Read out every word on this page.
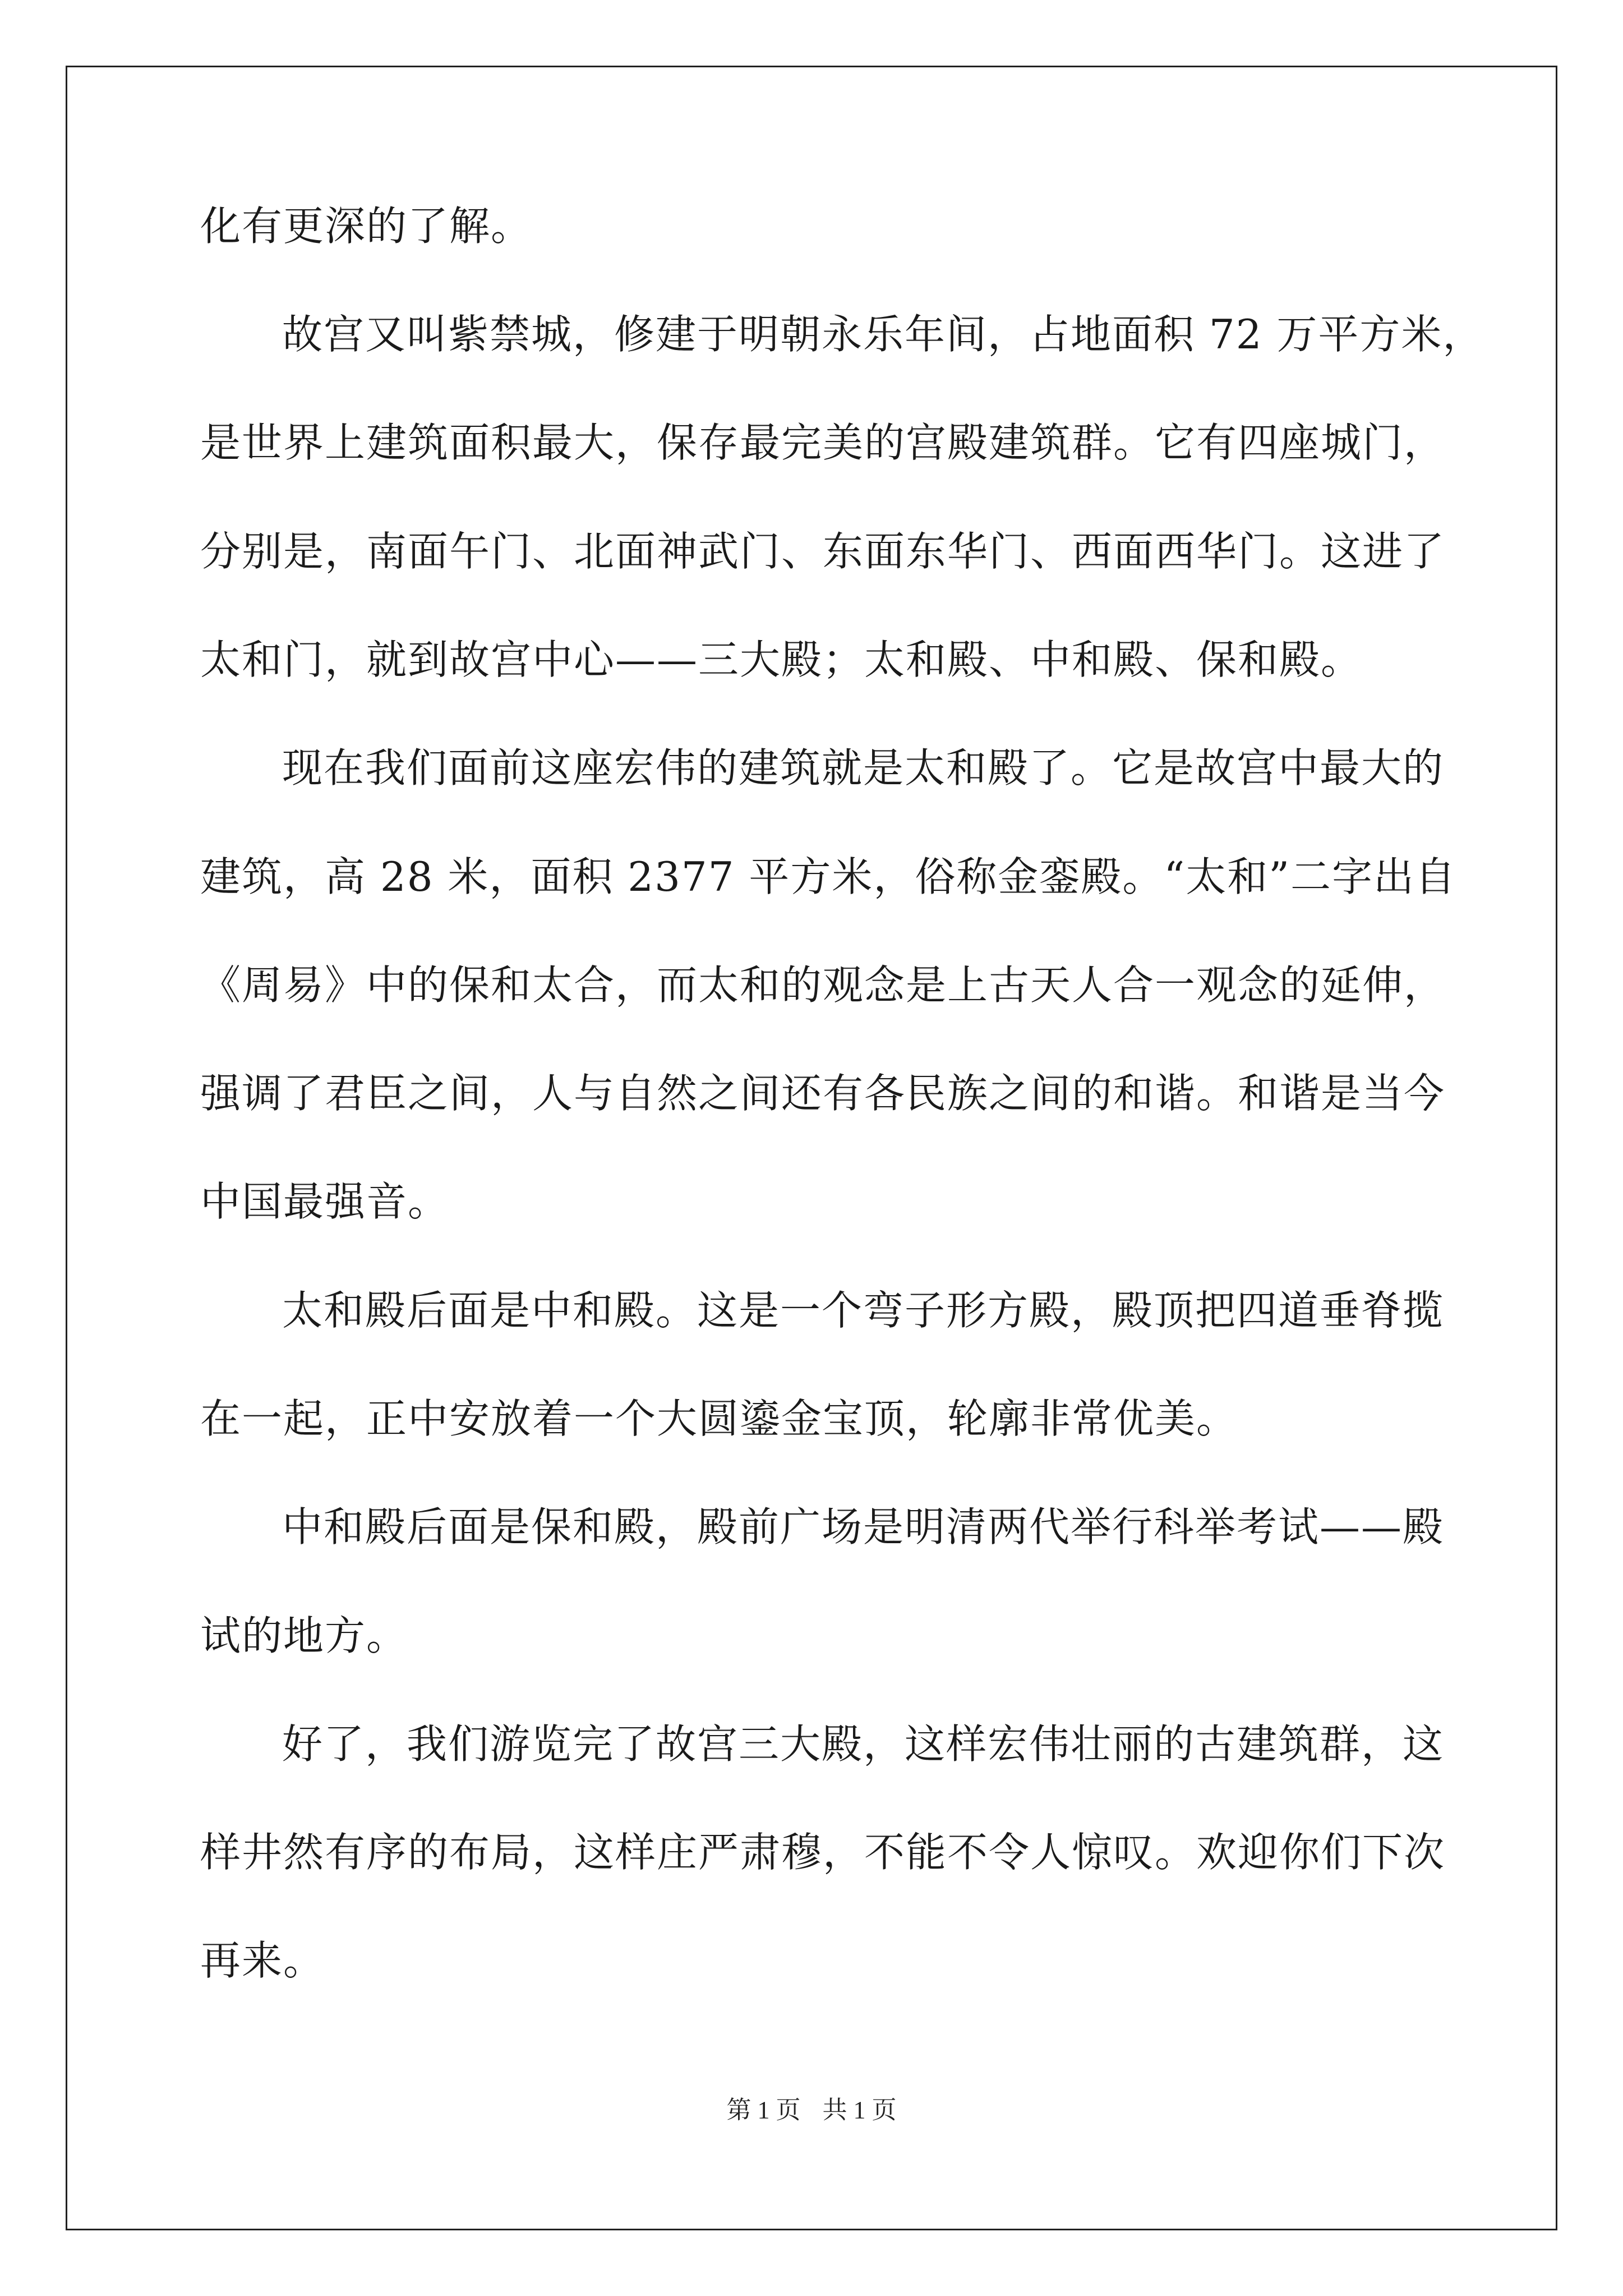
化有更深的了解。
故宫又叫紫禁城，修建于明朝永乐年间，占地面积 72 万平方米，
是世界上建筑面积最大，保存最完美的宫殿建筑群。它有四座城门，
分别是，南面午门、北面神武门、东面东华门、西面西华门。这进了
太和门，就到故宫中心——三大殿；太和殿、中和殿、保和殿。
现在我们面前这座宏伟的建筑就是太和殿了。它是故宫中最大的
建筑，高 28 米，面积 2377 平方米，俗称金銮殿。“太和”二字出自
《周易》中的保和太合，而太和的观念是上古天人合一观念的延伸，
强调了君臣之间，人与自然之间还有各民族之间的和谐。和谐是当今
中国最强音。
太和殿后面是中和殿。这是一个弯子形方殿，殿顶把四道垂脊揽
在一起，正中安放着一个大圆鎏金宝顶，轮廓非常优美。
中和殿后面是保和殿，殿前广场是明清两代举行科举考试——殿
试的地方。
好了，我们游览完了故宫三大殿，这样宏伟壮丽的古建筑群，这
样井然有序的布局，这样庄严肃穆，不能不令人惊叹。欢迎你们下次
再来。
第 1 页 共 1 页
